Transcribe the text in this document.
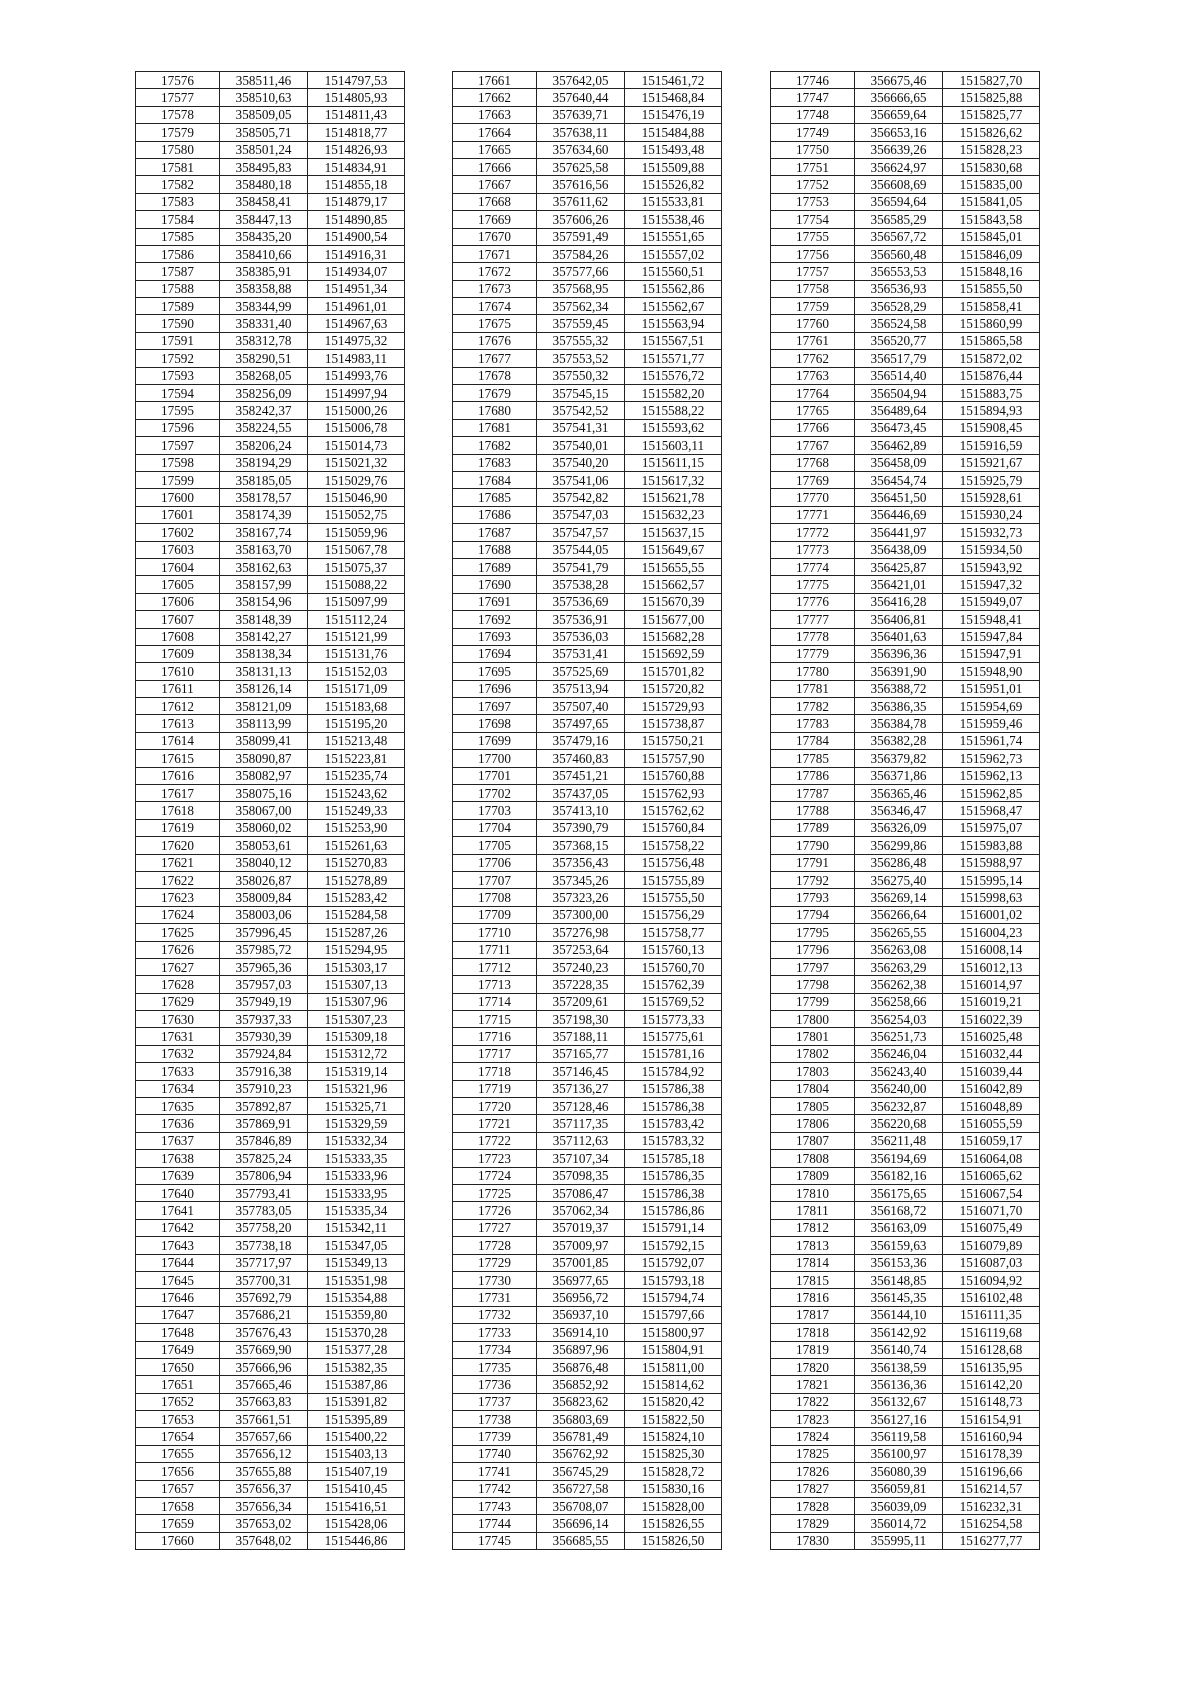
17576	358511,46	1514797,53
17577	358510,63	1514805,93
17578	358509,05	1514811,43
17579	358505,71	1514818,77
17580	358501,24	1514826,93
17581	358495,83	1514834,91
17582	358480,18	1514855,18
17583	358458,41	1514879,17
17584	358447,13	1514890,85
17585	358435,20	1514900,54
17586	358410,66	1514916,31
17587	358385,91	1514934,07
17588	358358,88	1514951,34
17589	358344,99	1514961,01
17590	358331,40	1514967,63
17591	358312,78	1514975,32
17592	358290,51	1514983,11
17593	358268,05	1514993,76
17594	358256,09	1514997,94
17595	358242,37	1515000,26
17596	358224,55	1515006,78
17597	358206,24	1515014,73
17598	358194,29	1515021,32
17599	358185,05	1515029,76
17600	358178,57	1515046,90
17601	358174,39	1515052,75
17602	358167,74	1515059,96
17603	358163,70	1515067,78
17604	358162,63	1515075,37
17605	358157,99	1515088,22
17606	358154,96	1515097,99
17607	358148,39	1515112,24
17608	358142,27	1515121,99
17609	358138,34	1515131,76
17610	358131,13	1515152,03
17611	358126,14	1515171,09
17612	358121,09	1515183,68
17613	358113,99	1515195,20
17614	358099,41	1515213,48
17615	358090,87	1515223,81
17616	358082,97	1515235,74
17617	358075,16	1515243,62
17618	358067,00	1515249,33
17619	358060,02	1515253,90
17620	358053,61	1515261,63
17621	358040,12	1515270,83
17622	358026,87	1515278,89
17623	358009,84	1515283,42
17624	358003,06	1515284,58
17625	357996,45	1515287,26
17626	357985,72	1515294,95
17627	357965,36	1515303,17
17628	357957,03	1515307,13
17629	357949,19	1515307,96
17630	357937,33	1515307,23
17631	357930,39	1515309,18
17632	357924,84	1515312,72
17633	357916,38	1515319,14
17634	357910,23	1515321,96
17635	357892,87	1515325,71
17636	357869,91	1515329,59
17637	357846,89	1515332,34
17638	357825,24	1515333,35
17639	357806,94	1515333,96
17640	357793,41	1515333,95
17641	357783,05	1515335,34
17642	357758,20	1515342,11
17643	357738,18	1515347,05
17644	357717,97	1515349,13
17645	357700,31	1515351,98
17646	357692,79	1515354,88
17647	357686,21	1515359,80
17648	357676,43	1515370,28
17649	357669,90	1515377,28
17650	357666,96	1515382,35
17651	357665,46	1515387,86
17652	357663,83	1515391,82
17653	357661,51	1515395,89
17654	357657,66	1515400,22
17655	357656,12	1515403,13
17656	357655,88	1515407,19
17657	357656,37	1515410,45
17658	357656,34	1515416,51
17659	357653,02	1515428,06
17660	357648,02	1515446,86
17661	357642,05	1515461,72
17662	357640,44	1515468,84
17663	357639,71	1515476,19
17664	357638,11	1515484,88
17665	357634,60	1515493,48
17666	357625,58	1515509,88
17667	357616,56	1515526,82
17668	357611,62	1515533,81
17669	357606,26	1515538,46
17670	357591,49	1515551,65
17671	357584,26	1515557,02
17672	357577,66	1515560,51
17673	357568,95	1515562,86
17674	357562,34	1515562,67
17675	357559,45	1515563,94
17676	357555,32	1515567,51
17677	357553,52	1515571,77
17678	357550,32	1515576,72
17679	357545,15	1515582,20
17680	357542,52	1515588,22
17681	357541,31	1515593,62
17682	357540,01	1515603,11
17683	357540,20	1515611,15
17684	357541,06	1515617,32
17685	357542,82	1515621,78
17686	357547,03	1515632,23
17687	357547,57	1515637,15
17688	357544,05	1515649,67
17689	357541,79	1515655,55
17690	357538,28	1515662,57
17691	357536,69	1515670,39
17692	357536,91	1515677,00
17693	357536,03	1515682,28
17694	357531,41	1515692,59
17695	357525,69	1515701,82
17696	357513,94	1515720,82
17697	357507,40	1515729,93
17698	357497,65	1515738,87
17699	357479,16	1515750,21
17700	357460,83	1515757,90
17701	357451,21	1515760,88
17702	357437,05	1515762,93
17703	357413,10	1515762,62
17704	357390,79	1515760,84
17705	357368,15	1515758,22
17706	357356,43	1515756,48
17707	357345,26	1515755,89
17708	357323,26	1515755,50
17709	357300,00	1515756,29
17710	357276,98	1515758,77
17711	357253,64	1515760,13
17712	357240,23	1515760,70
17713	357228,35	1515762,39
17714	357209,61	1515769,52
17715	357198,30	1515773,33
17716	357188,11	1515775,61
17717	357165,77	1515781,16
17718	357146,45	1515784,92
17719	357136,27	1515786,38
17720	357128,46	1515786,38
17721	357117,35	1515783,42
17722	357112,63	1515783,32
17723	357107,34	1515785,18
17724	357098,35	1515786,35
17725	357086,47	1515786,38
17726	357062,34	1515786,86
17727	357019,37	1515791,14
17728	357009,97	1515792,15
17729	357001,85	1515792,07
17730	356977,65	1515793,18
17731	356956,72	1515794,74
17732	356937,10	1515797,66
17733	356914,10	1515800,97
17734	356897,96	1515804,91
17735	356876,48	1515811,00
17736	356852,92	1515814,62
17737	356823,62	1515820,42
17738	356803,69	1515822,50
17739	356781,49	1515824,10
17740	356762,92	1515825,30
17741	356745,29	1515828,72
17742	356727,58	1515830,16
17743	356708,07	1515828,00
17744	356696,14	1515826,55
17745	356685,55	1515826,50
17746	356675,46	1515827,70
17747	356666,65	1515825,88
17748	356659,64	1515825,77
17749	356653,16	1515826,62
17750	356639,26	1515828,23
17751	356624,97	1515830,68
17752	356608,69	1515835,00
17753	356594,64	1515841,05
17754	356585,29	1515843,58
17755	356567,72	1515845,01
17756	356560,48	1515846,09
17757	356553,53	1515848,16
17758	356536,93	1515855,50
17759	356528,29	1515858,41
17760	356524,58	1515860,99
17761	356520,77	1515865,58
17762	356517,79	1515872,02
17763	356514,40	1515876,44
17764	356504,94	1515883,75
17765	356489,64	1515894,93
17766	356473,45	1515908,45
17767	356462,89	1515916,59
17768	356458,09	1515921,67
17769	356454,74	1515925,79
17770	356451,50	1515928,61
17771	356446,69	1515930,24
17772	356441,97	1515932,73
17773	356438,09	1515934,50
17774	356425,87	1515943,92
17775	356421,01	1515947,32
17776	356416,28	1515949,07
17777	356406,81	1515948,41
17778	356401,63	1515947,84
17779	356396,36	1515947,91
17780	356391,90	1515948,90
17781	356388,72	1515951,01
17782	356386,35	1515954,69
17783	356384,78	1515959,46
17784	356382,28	1515961,74
17785	356379,82	1515962,73
17786	356371,86	1515962,13
17787	356365,46	1515962,85
17788	356346,47	1515968,47
17789	356326,09	1515975,07
17790	356299,86	1515983,88
17791	356286,48	1515988,97
17792	356275,40	1515995,14
17793	356269,14	1515998,63
17794	356266,64	1516001,02
17795	356265,55	1516004,23
17796	356263,08	1516008,14
17797	356263,29	1516012,13
17798	356262,38	1516014,97
17799	356258,66	1516019,21
17800	356254,03	1516022,39
17801	356251,73	1516025,48
17802	356246,04	1516032,44
17803	356243,40	1516039,44
17804	356240,00	1516042,89
17805	356232,87	1516048,89
17806	356220,68	1516055,59
17807	356211,48	1516059,17
17808	356194,69	1516064,08
17809	356182,16	1516065,62
17810	356175,65	1516067,54
17811	356168,72	1516071,70
17812	356163,09	1516075,49
17813	356159,63	1516079,89
17814	356153,36	1516087,03
17815	356148,85	1516094,92
17816	356145,35	1516102,48
17817	356144,10	1516111,35
17818	356142,92	1516119,68
17819	356140,74	1516128,68
17820	356138,59	1516135,95
17821	356136,36	1516142,20
17822	356132,67	1516148,73
17823	356127,16	1516154,91
17824	356119,58	1516160,94
17825	356100,97	1516178,39
17826	356080,39	1516196,66
17827	356059,81	1516214,57
17828	356039,09	1516232,31
17829	356014,72	1516254,58
17830	355995,11	1516277,77
